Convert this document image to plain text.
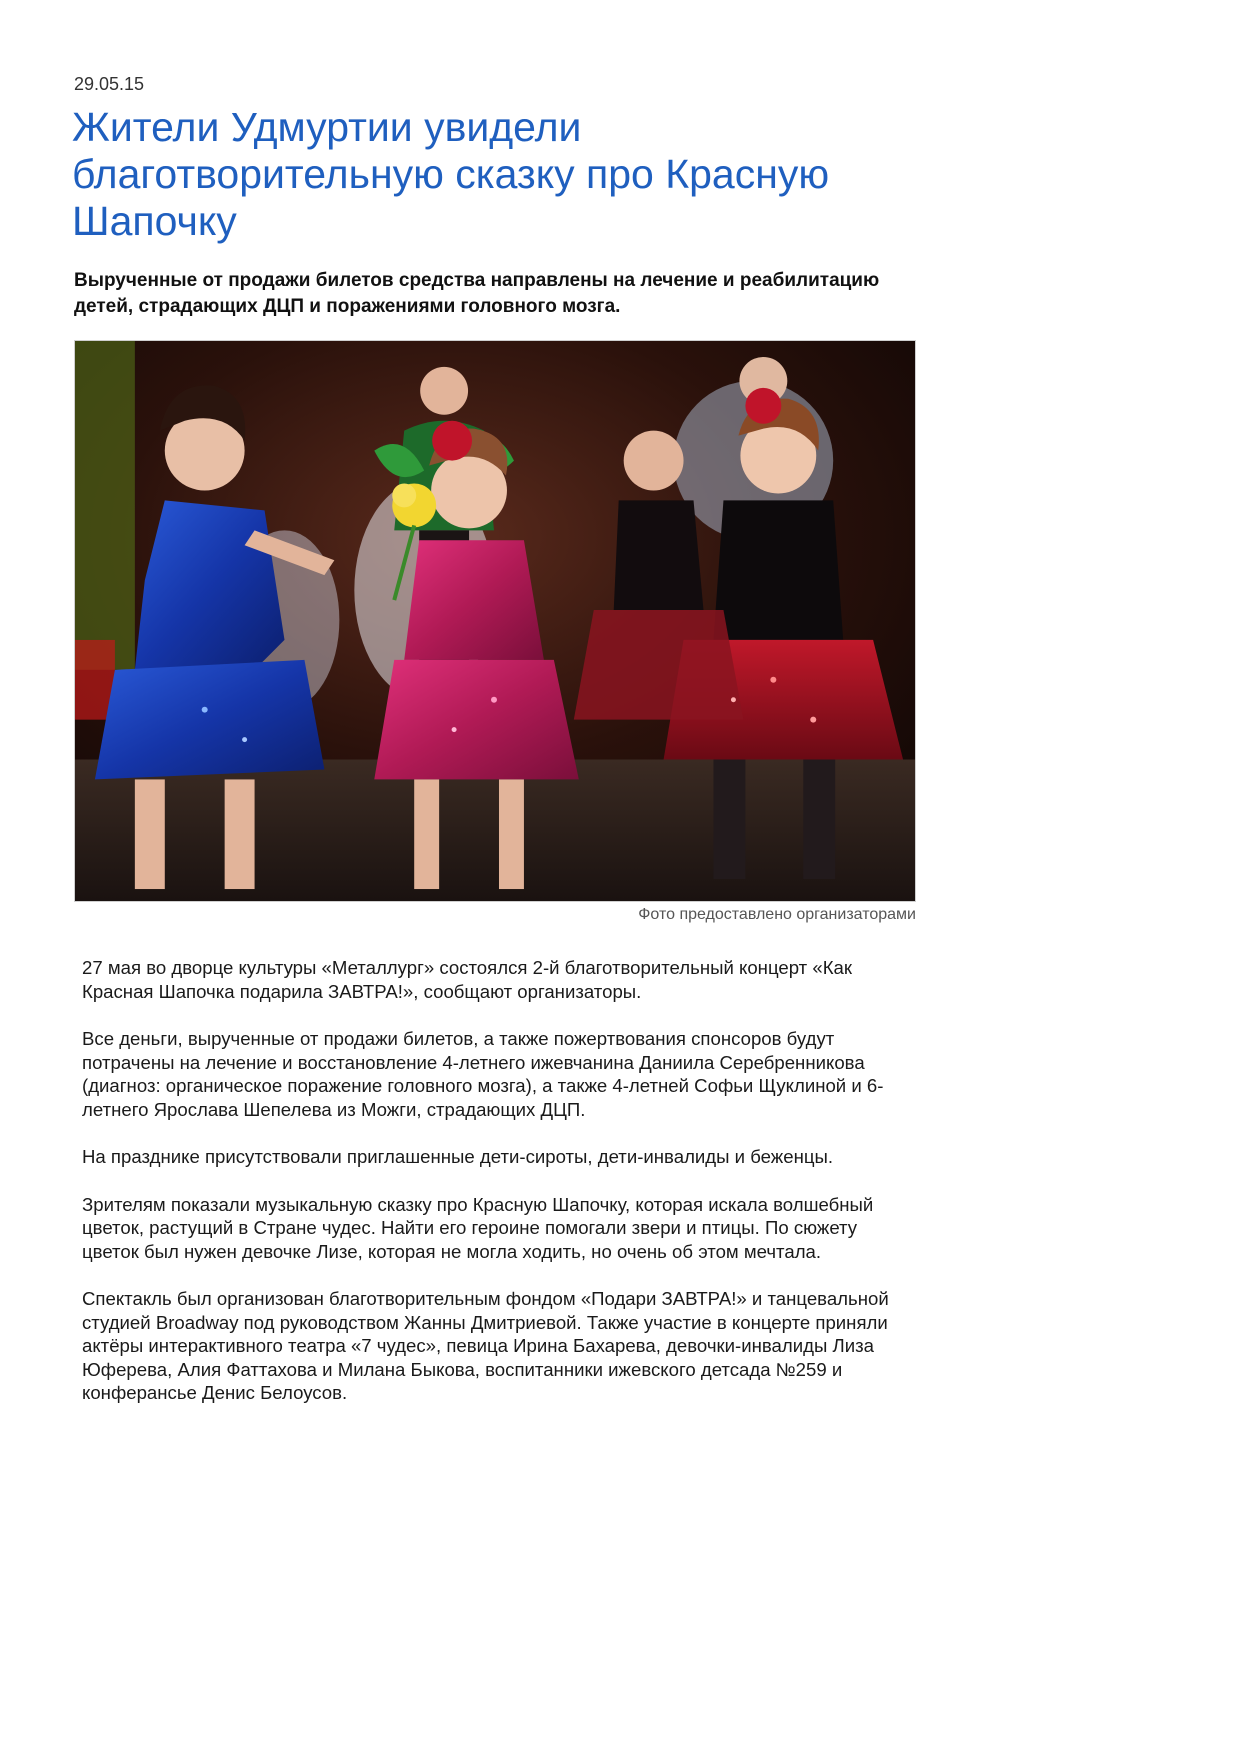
29.05.15
Жители Удмуртии увидели благотворительную сказку про Красную Шапочку

Вырученные от продажи билетов средства направлены на лечение и реабилитацию детей, страдающих ДЦП и поражениями головного мозга.

Фото предоставлено организаторами

27 мая во дворце культуры «Металлург» состоялся 2-й благотворительный концерт «Как Красная Шапочка подарила ЗАВТРА!», сообщают организаторы.

Все деньги, вырученные от продажи билетов, а также пожертвования спонсоров будут потрачены на лечение и восстановление 4-летнего ижевчанина Даниила Серебренникова (диагноз: органическое поражение головного мозга), а также 4-летней Софьи Щуклиной и 6-летнего Ярослава Шепелева из Можги, страдающих ДЦП.

На празднике присутствовали приглашенные дети-сироты, дети-инвалиды и беженцы.

Зрителям показали музыкальную сказку про Красную Шапочку, которая искала волшебный цветок, растущий в Стране чудес. Найти его героине помогали звери и птицы. По сюжету цветок был нужен девочке Лизе, которая не могла ходить, но очень об этом мечтала.

Спектакль был организован благотворительным фондом «Подари ЗАВТРА!» и танцевальной студией Broadway под руководством Жанны Дмитриевой. Также участие в концерте приняли актёры интерактивного театра «7 чудес», певица Ирина Бахарева, девочки-инвалиды Лиза Юферева, Алия Фаттахова и Милана Быкова, воспитанники ижевского детсада №259 и конферансье Денис Белоусов.
